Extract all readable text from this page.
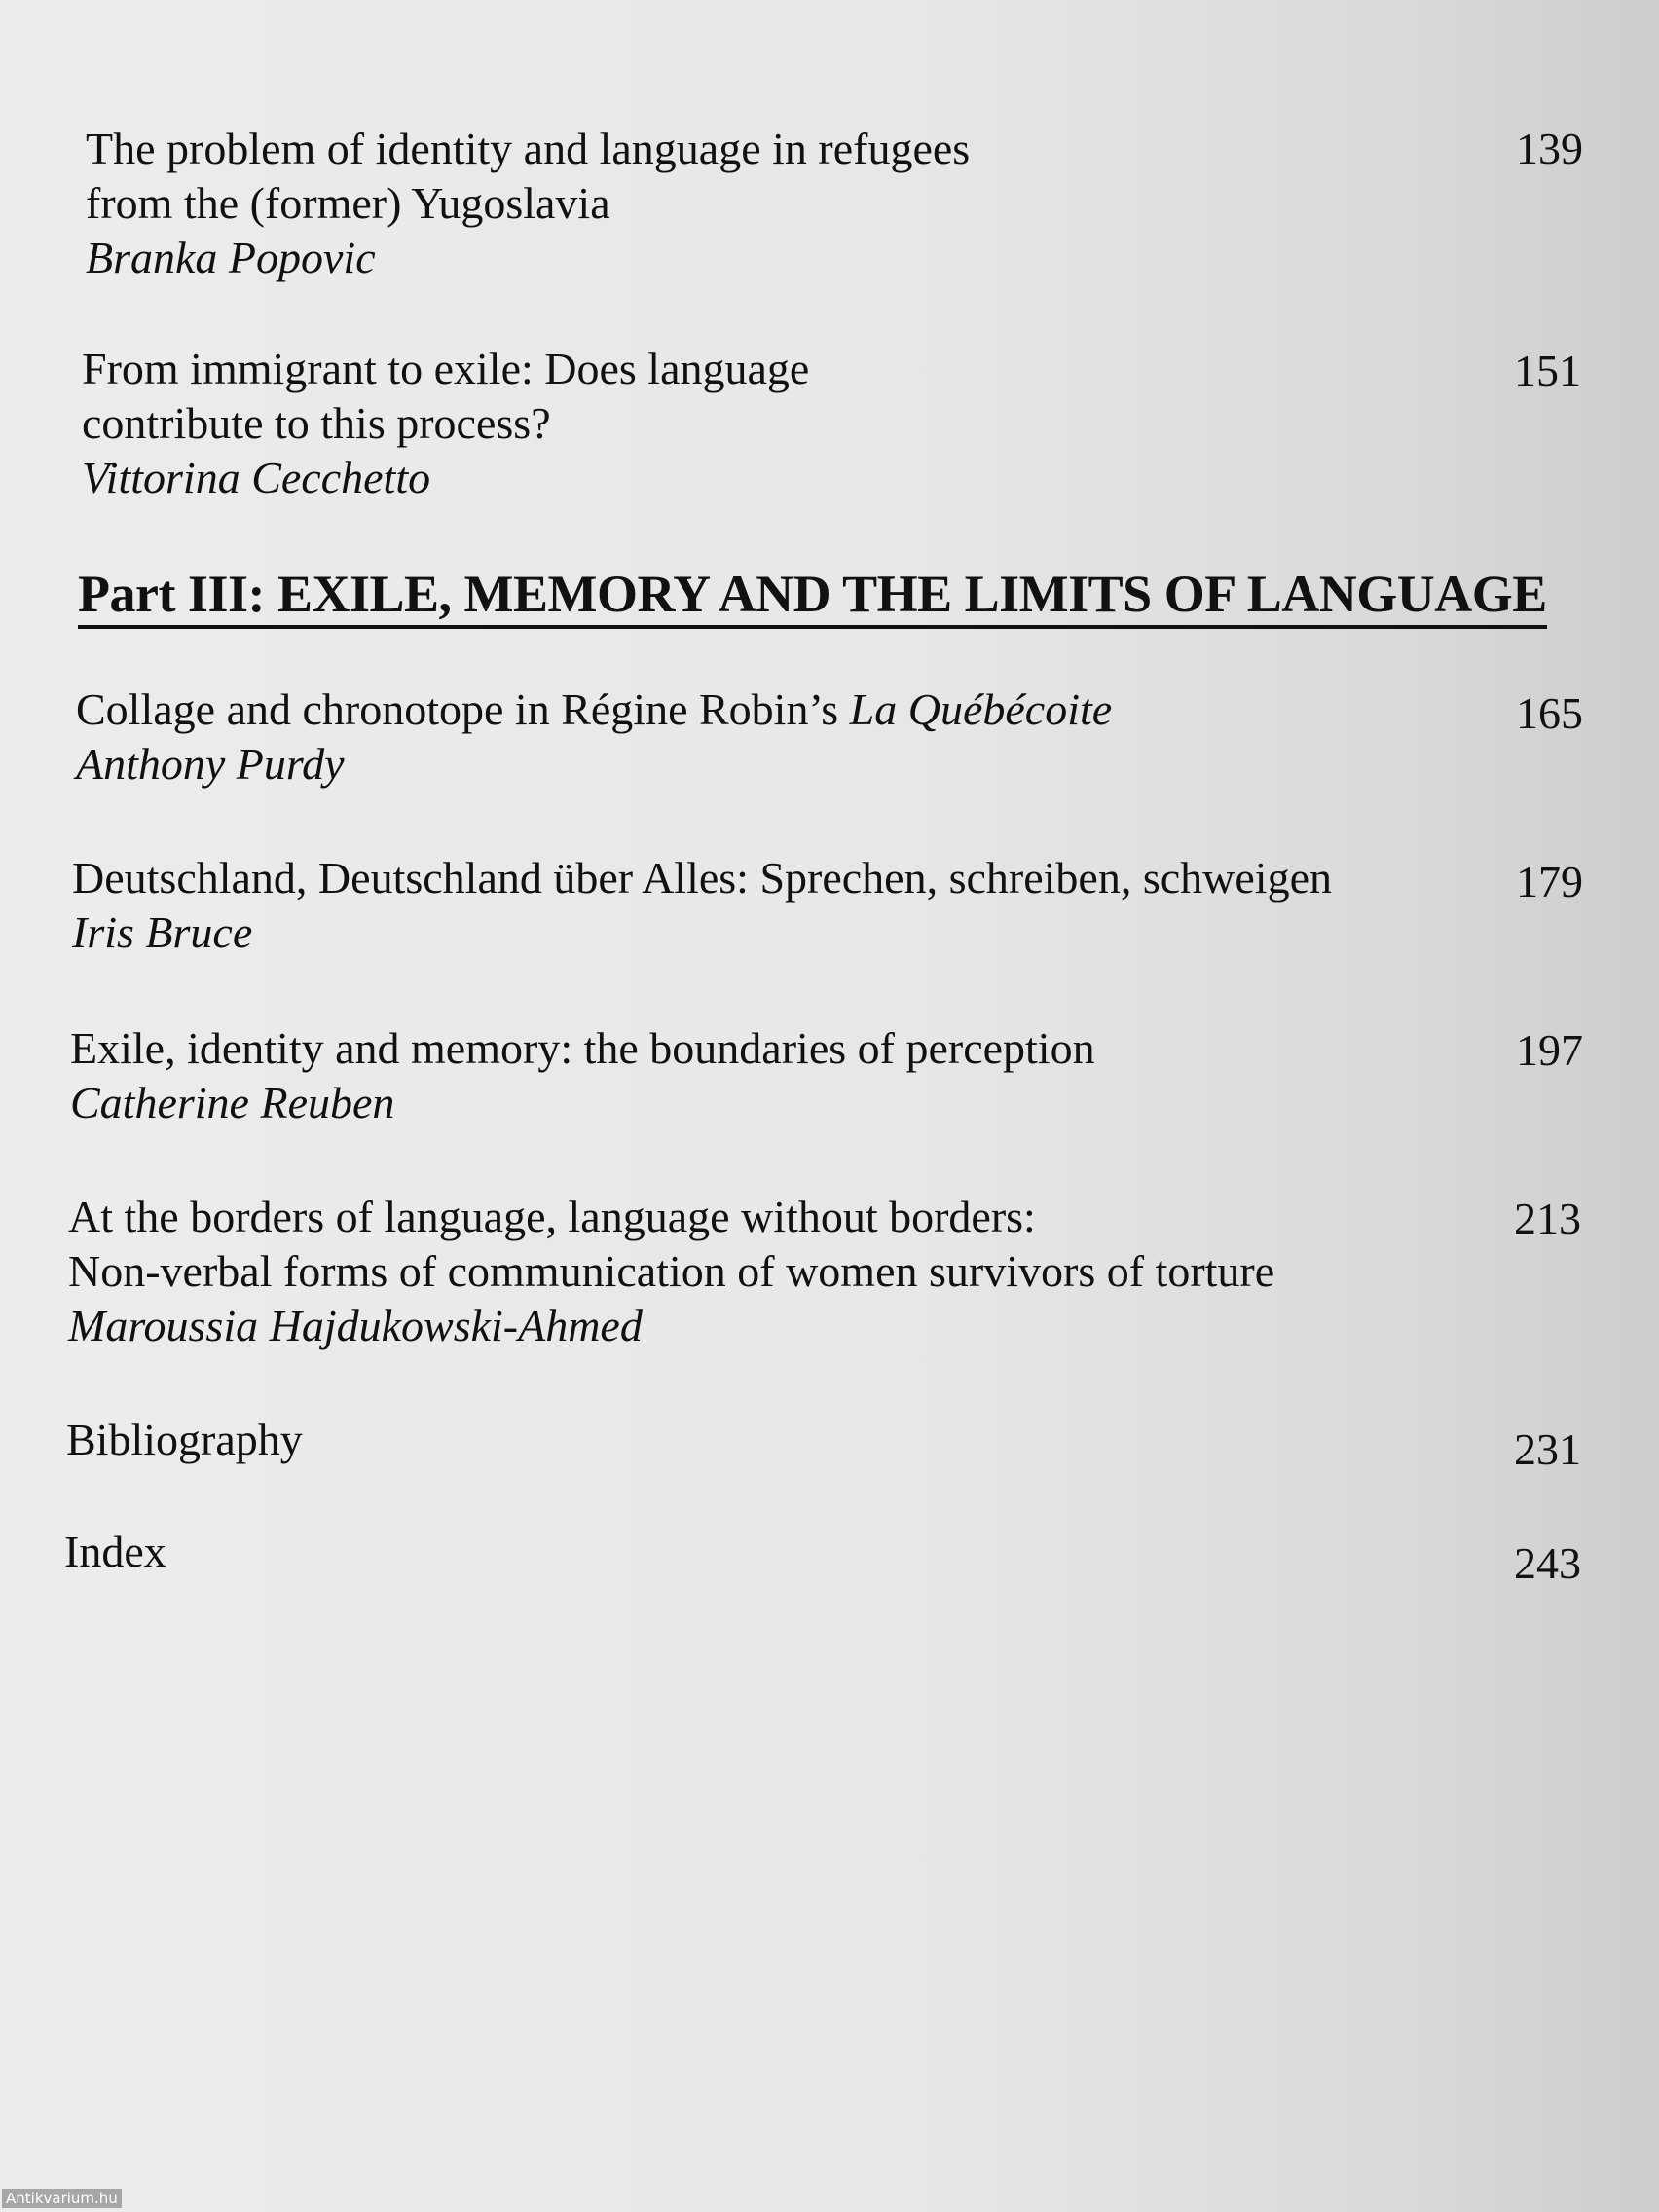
The problem of identity and language in refugees
from the (former) Yugoslavia
Branka Popovic
139
From immigrant to exile: Does language
contribute to this process?
Vittorina Cecchetto
151
Part III: EXILE, MEMORY AND THE LIMITS OF LANGUAGE
Collage and chronotope in Régine Robin’s La Québécoite
Anthony Purdy
165
Deutschland, Deutschland über Alles: Sprechen, schreiben, schweigen
Iris Bruce
179
Exile, identity and memory: the boundaries of perception
Catherine Reuben
197
At the borders of language, language without borders:
Non-verbal forms of communication of women survivors of torture
Maroussia Hajdukowski-Ahmed
213
Bibliography	231
Index	243
Antikvarium.hu
